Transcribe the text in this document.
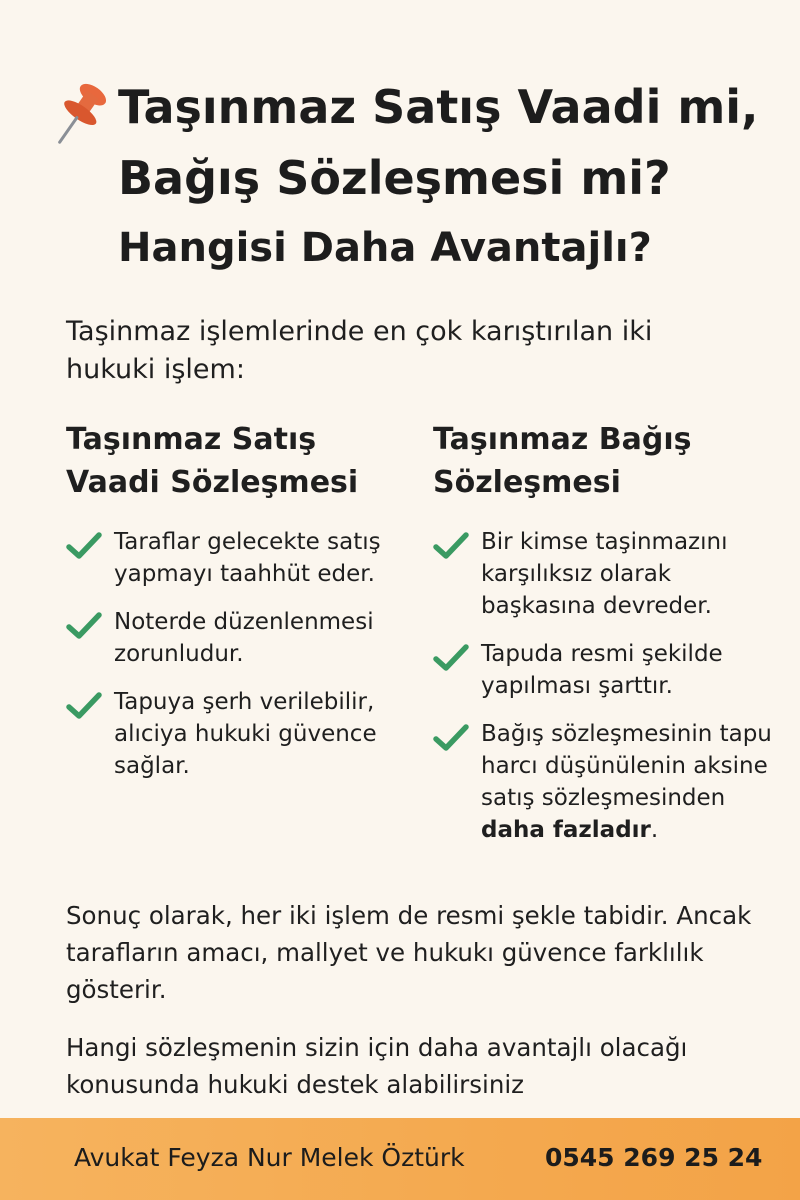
Taşınmaz Satış Vaadi mi,
Bağış Sözleşmesi mi?
Hangisi Daha Avantajlı?

Taşinmaz işlemlerinde en çok karıştırılan iki hukuki işlem:

Taşınmaz Satış Vaadi Sözleşmesi
Taraflar gelecekte satış yapmayı taahhüt eder.
Noterde düzenlenmesi zorunludur.
Tapuya şerh verilebilir, alıciya hukuki güvence sağlar.
Taşınmaz Bağış Sözleşmesi
Bir kimse taşinmazını karşılıksız olarak başkasına devreder.
Tapuda resmi şekilde yapılması şarttır.
Bağış sözleşmesinin tapu harcı düşünülenin aksine satış sözleşmesinden daha fazladır.

Sonuç olarak, her iki işlem de resmi şekle tabidir. Ancak tarafların amacı, mallyet ve hukukı güvence farklılık gösterir.

Hangi sözleşmenin sizin için daha avantajlı olacağı konusunda hukuki destek alabilirsiniz

Avukat Feyza Nur Melek Öztürk	0545 269 25 24
